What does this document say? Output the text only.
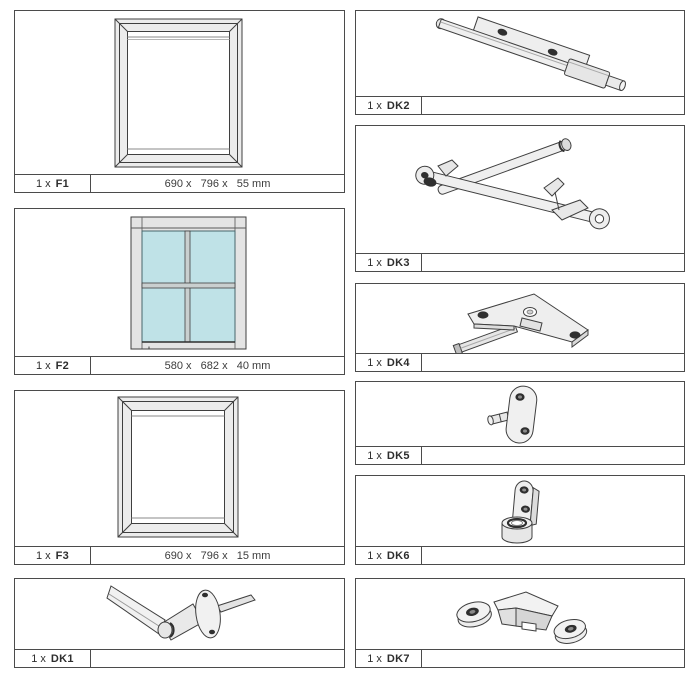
1 x F1	690 x   796 x   55 mm
1 x F2	580 x   682 x   40 mm
1 x F3	690 x   796 x   15 mm
1 x DK1
1 x DK2
1 x DK3
1 x DK4
1 x DK5
1 x DK6
1 x DK7
